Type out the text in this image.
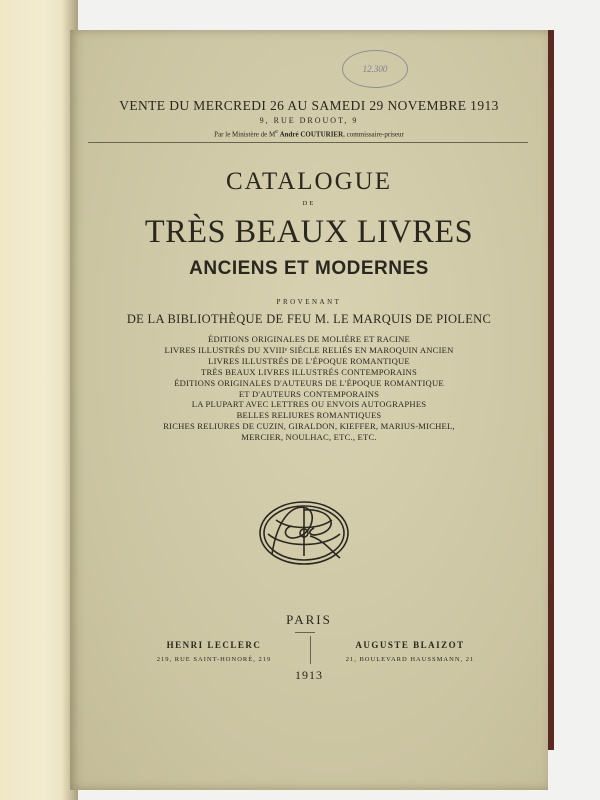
12.300
VENTE DU MERCREDI 26 AU SAMEDI 29 NOVEMBRE 1913
9, RUE DROUOT, 9
Par le Ministère de Me André COUTURIER, commissaire-priseur
CATALOGUE
DE
TRÈS BEAUX LIVRES
ANCIENS ET MODERNES
PROVENANT
DE LA BIBLIOTHÈQUE DE FEU M. LE MARQUIS DE PIOLENC
ÉDITIONS ORIGINALES DE MOLIÈRE ET RACINE
LIVRES ILLUSTRÉS DU XVIIIᵉ SIÈCLE RELIÉS EN MAROQUIN ANCIEN
LIVRES ILLUSTRÉS DE L'ÉPOQUE ROMANTIQUE
TRÈS BEAUX LIVRES ILLUSTRÉS CONTEMPORAINS
ÉDITIONS ORIGINALES D'AUTEURS DE L'ÉPOQUE ROMANTIQUE
ET D'AUTEURS CONTEMPORAINS
LA PLUPART AVEC LETTRES OU ENVOIS AUTOGRAPHES
BELLES RELIURES ROMANTIQUES
RICHES RELIURES DE CUZIN, GIRALDON, KIEFFER, MARIUS-MICHEL,
MERCIER, NOULHAC, ETC., ETC.
PARIS
HENRI LECLERC
219, RUE SAINT-HONORÉ, 219
AUGUSTE BLAIZOT
21, BOULEVARD HAUSSMANN, 21
1913
